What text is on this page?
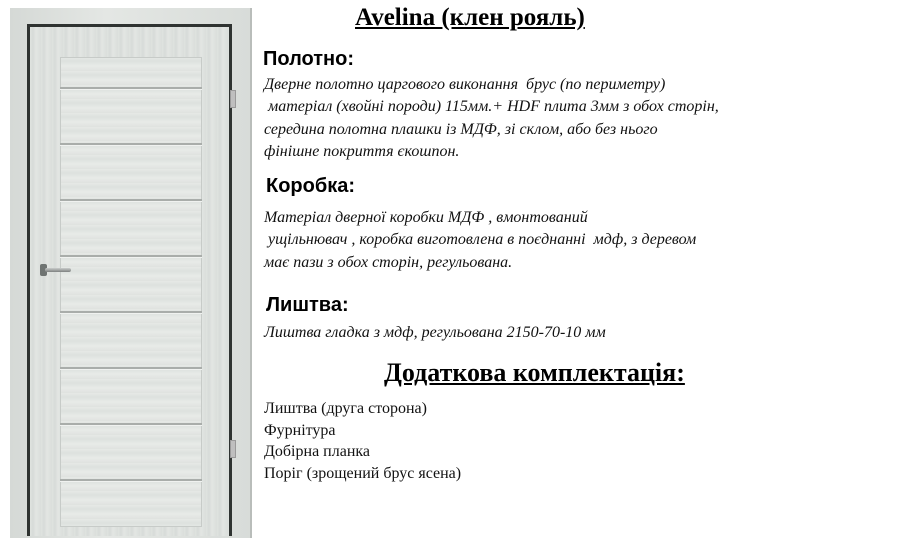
Avelina (клен рояль)
Полотно:

Дверне полотно царгового виконання  брус (по периметру)
матеріал (хвойні породи) 115мм.+ HDF плита 3мм з обох сторін,
середина полотна плашки із МДФ, зі склом, або без нього
фінішне покриття єкошпон.

Коробка:

Матеріал дверної коробки МДФ , вмонтований
ущільнювач , коробка виготовлена в поєднанні  мдф, з деревом
має пази з обох сторін, регульована.

Лиштва:

Лиштва гладка з мдф, регульована 2150-70-10 мм

Додаткова комплектація:
Лиштва (друга сторона)
Фурнітура
Добірна планка
Поріг (зрощений брус ясена)
